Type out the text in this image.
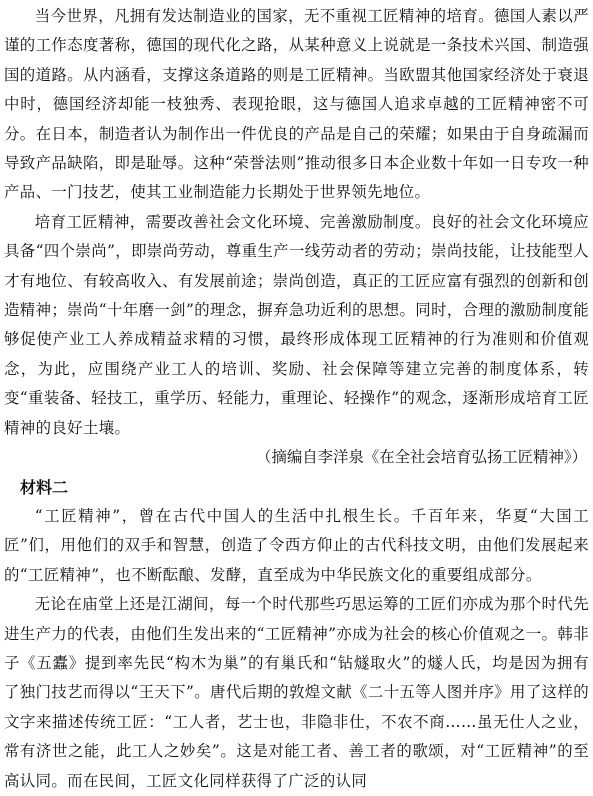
当今世界，凡拥有发达制造业的国家，无不重视工匠精神的培育。德国人素以严谨的工作态度著称，德国的现代化之路，从某种意义上说就是一条技术兴国、制造强国的道路。从内涵看，支撑这条道路的则是工匠精神。当欧盟其他国家经济处于衰退中时，德国经济却能一枝独秀、表现抢眼，这与德国人追求卓越的工匠精神密不可分。在日本，制造者认为制作出一件优良的产品是自己的荣耀；如果由于自身疏漏而导致产品缺陷，即是耻辱。这种“荣誉法则”推动很多日本企业数十年如一日专攻一种产品、一门技艺，使其工业制造能力长期处于世界领先地位。

培育工匠精神，需要改善社会文化环境、完善激励制度。良好的社会文化环境应具备“四个崇尚”，即崇尚劳动，尊重生产一线劳动者的劳动；崇尚技能，让技能型人才有地位、有较高收入、有发展前途；崇尚创造，真正的工匠应富有强烈的创新和创造精神；崇尚“十年磨一剑”的理念，摒弃急功近利的思想。同时，合理的激励制度能够促使产业工人养成精益求精的习惯，最终形成体现工匠精神的行为准则和价值观念，为此，应围绕产业工人的培训、奖励、社会保障等建立完善的制度体系，转变“重装备、轻技工，重学历、轻能力，重理论、轻操作”的观念，逐渐形成培育工匠精神的良好土壤。

（摘编自李洋泉《在全社会培育弘扬工匠精神》）

材料二

“工匠精神”，曾在古代中国人的生活中扎根生长。千百年来，华夏“大国工匠”们，用他们的双手和智慧，创造了令西方仰止的古代科技文明，由他们发展起来的“工匠精神”，也不断酝酿、发酵，直至成为中华民族文化的重要组成部分。

无论在庙堂上还是江湖间，每一个时代那些巧思运筹的工匠们亦成为那个时代先进生产力的代表，由他们生发出来的“工匠精神”亦成为社会的核心价值观之一。韩非子《五蠹》提到率先民“构木为巢”的有巢氏和“钻燧取火”的燧人氏，均是因为拥有了独门技艺而得以“王天下”。唐代后期的敦煌文献《二十五等人图并序》用了这样的文字来描述传统工匠：“工人者，艺士也，非隐非仕，不农不商……虽无仕人之业，常有济世之能，此工人之妙矣”。这是对能工者、善工者的歌颂，对“工匠精神”的至高认同。而在民间，工匠文化同样获得了广泛的认同
